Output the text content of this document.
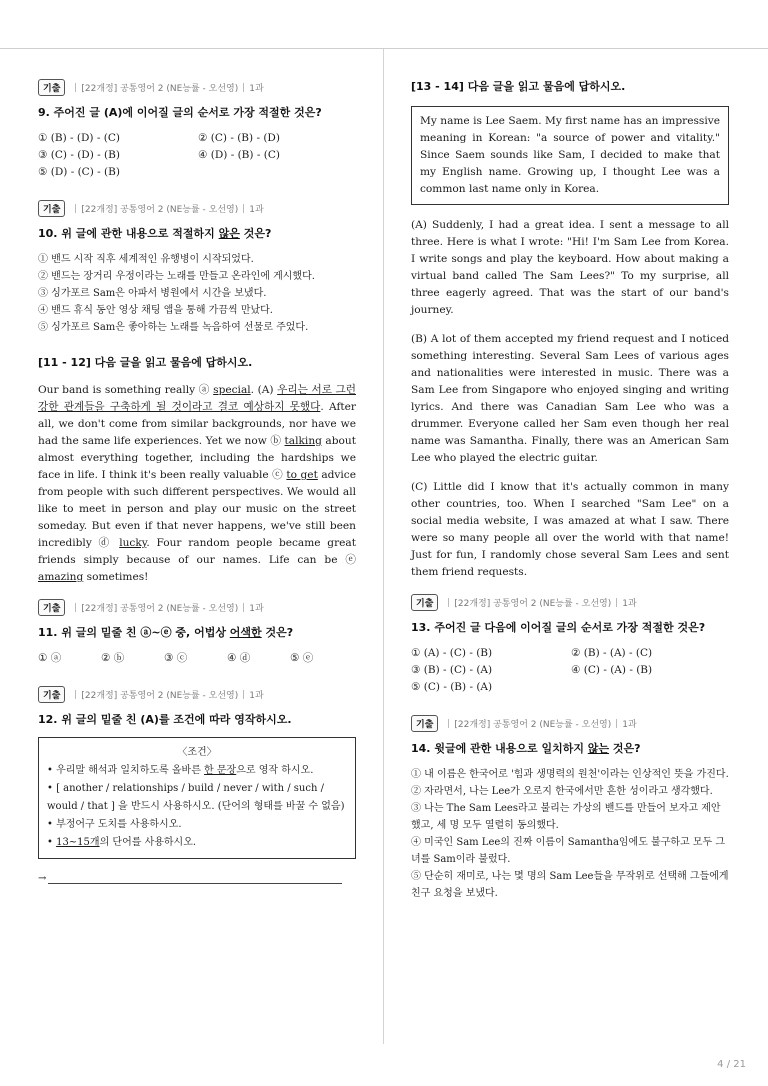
기출	[22개정] 공통영어 2 (NE능률 - 오선영) 1과
9. 주어진 글 (A)에 이어질 글의 순서로 가장 적절한 것은?
① (B) - (D) - (C)	② (C) - (B) - (D)
③ (C) - (D) - (B)	④ (D) - (B) - (C)
⑤ (D) - (C) - (B)
기출	[22개정] 공통영어 2 (NE능률 - 오선영) 1과
10. 위 글에 관한 내용으로 적절하지 않은 것은?
① 밴드 시작 직후 세계적인 유행병이 시작되었다.
② 밴드는 장거리 우정이라는 노래를 만들고 온라인에 게시했다.
③ 싱가포르 Sam은 아파서 병원에서 시간을 보냈다.
④ 밴드 휴식 동안 영상 채팅 앱을 통해 가끔씩 만났다.
⑤ 싱가포르 Sam은 좋아하는 노래를 녹음하여 선물로 주었다.
[11 - 12] 다음 글을 읽고 물음에 답하시오.

Our band is something really ⓐ special. (A) 우리는 서로 그런 강한 관계들을 구축하게 될 것이라고 결코 예상하지 못했다. After all, we don't come from similar backgrounds, nor have we had the same life experiences. Yet we now ⓑ talking about almost everything together, including the hardships we face in life. I think it's been really valuable ⓒ to get advice from people with such different perspectives. We would all like to meet in person and play our music on the street someday. But even if that never happens, we've still been incredibly ⓓ lucky. Four random people became great friends simply because of our names. Life can be ⓔ amazing sometimes!

기출	[22개정] 공통영어 2 (NE능률 - 오선영) 1과
11. 위 글의 밑줄 친 ⓐ~ⓔ 중, 어법상 어색한 것은?
① ⓐ	② ⓑ	③ ⓒ	④ ⓓ	⑤ ⓔ
기출	[22개정] 공통영어 2 (NE능률 - 오선영) 1과
12. 위 글의 밑줄 친 (A)를 조건에 따라 영작하시오.
〈조건〉
• 우리말 해석과 일치하도록 올바른 한 문장으로 영작 하시오.
• [ another / relationships / build / never / with / such / would / that ] 을 반드시 사용하시오. (단어의 형태를 바꿀 수 없음)
• 부정어구 도치를 사용하시오.
• 13~15개의 단어를 사용하시오.
→
[13 - 14] 다음 글을 읽고 물음에 답하시오.
My name is Lee Saem. My first name has an impressive meaning in Korean: "a source of power and vitality." Since Saem sounds like Sam, I decided to make that my English name. Growing up, I thought Lee was a common last name only in Korea.

(A) Suddenly, I had a great idea. I sent a message to all three. Here is what I wrote: "Hi! I'm Sam Lee from Korea. I write songs and play the keyboard. How about making a virtual band called The Sam Lees?" To my surprise, all three eagerly agreed. That was the start of our band's journey.

(B) A lot of them accepted my friend request and I noticed something interesting. Several Sam Lees of various ages and nationalities were interested in music. There was a Sam Lee from Singapore who enjoyed singing and writing lyrics. And there was Canadian Sam Lee who was a drummer. Everyone called her Sam even though her real name was Samantha. Finally, there was an American Sam Lee who played the electric guitar.

(C) Little did I know that it's actually common in many other countries, too. When I searched "Sam Lee" on a social media website, I was amazed at what I saw. There were so many people all over the world with that name! Just for fun, I randomly chose several Sam Lees and sent them friend requests.

기출	[22개정] 공통영어 2 (NE능률 - 오선영) 1과
13. 주어진 글 다음에 이어질 글의 순서로 가장 적절한 것은?
① (A) - (C) - (B)	② (B) - (A) - (C)
③ (B) - (C) - (A)	④ (C) - (A) - (B)
⑤ (C) - (B) - (A)
기출	[22개정] 공통영어 2 (NE능률 - 오선영) 1과
14. 윗글에 관한 내용으로 일치하지 않는 것은?
① 내 이름은 한국어로 '힘과 생명력의 원천'이라는 인상적인 뜻을 가진다.
② 자라면서, 나는 Lee가 오로지 한국에서만 흔한 성이라고 생각했다.
③ 나는 The Sam Lees라고 불리는 가상의 밴드를 만들어 보자고 제안했고, 세 명 모두 열렬히 동의했다.
④ 미국인 Sam Lee의 진짜 이름이 Samantha임에도 불구하고 모두 그녀를 Sam이라 불렀다.
⑤ 단순히 재미로, 나는 몇 명의 Sam Lee들을 무작위로 선택해 그들에게 친구 요청을 보냈다.
4 / 21
